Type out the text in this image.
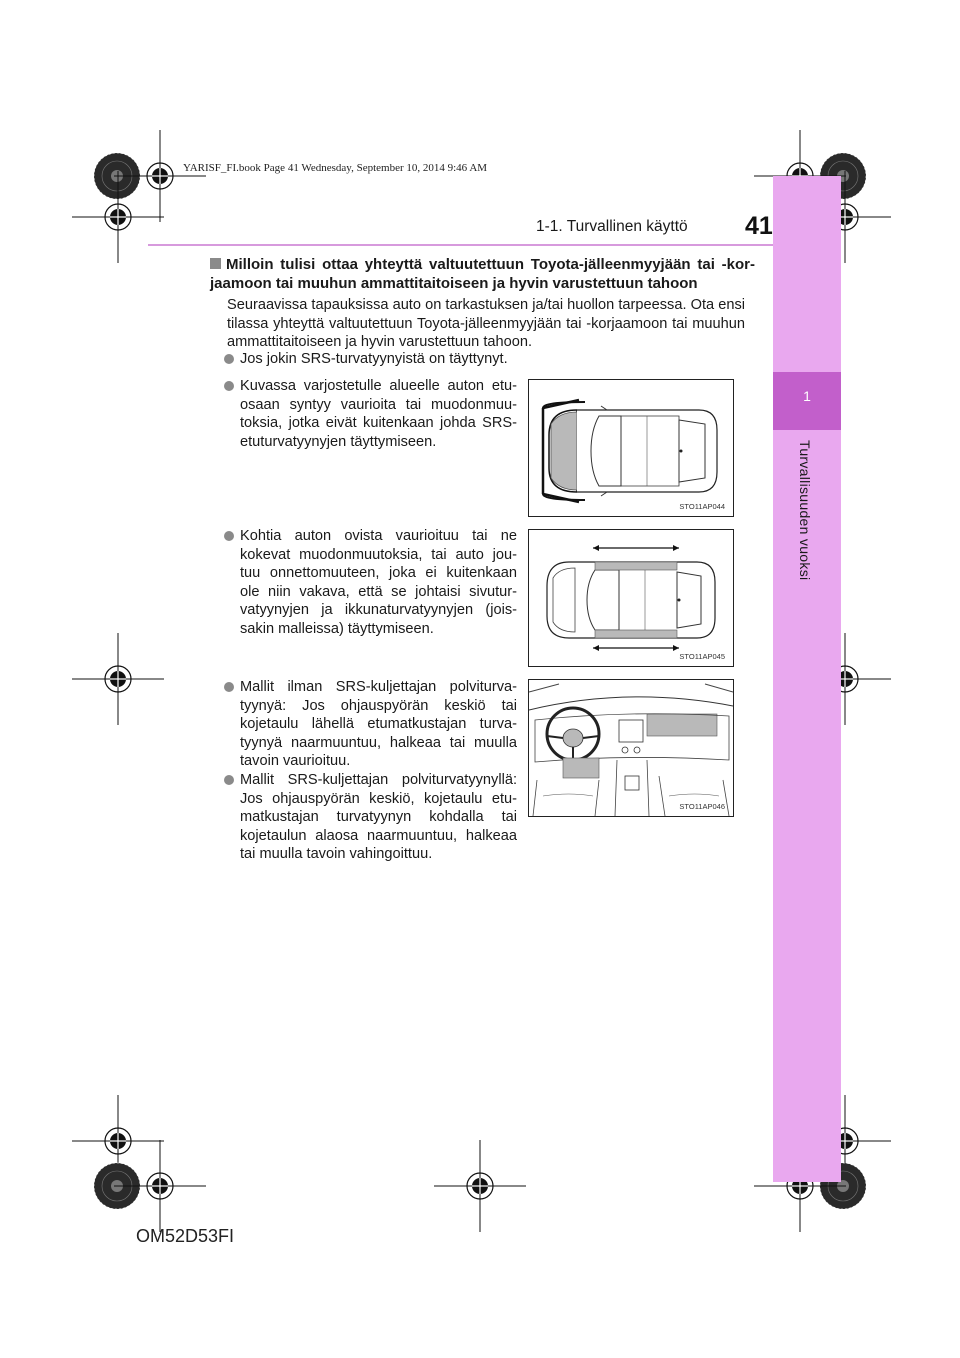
1
Turvallisuuden vuoksi
YARISF_FI.book Page 41 Wednesday, September 10, 2014 9:46 AM
1-1. Turvallinen käyttö 41
Milloin tulisi ottaa yhteyttä valtuutettuun Toyota-jälleenmyyjään tai -kor-jaamoon tai muuhun ammattitaitoiseen ja hyvin varustettuun tahoon
Seuraavissa tapauksissa auto on tarkastuksen ja/tai huollon tarpeessa. Ota ensi tilassa yhteyttä valtuutettuun Toyota-jälleenmyyjään tai -korjaamoon tai muuhun ammattitaitoiseen ja hyvin varustettuun tahoon.
Jos jokin SRS-turvatyynyistä on täyttynyt.
Kuvassa varjostetulle alueelle auton etu-osaan syntyy vaurioita tai muodonmuu-toksia, jotka eivät kuitenkaan johda SRS-etuturvatyynyjen täyttymiseen.
Kohtia auton ovista vaurioituu tai ne kokevat muodonmuutoksia, tai auto jou-tuu onnettomuuteen, joka ei kuitenkaan ole niin vakava, että se johtaisi sivutur-vatyynyjen ja ikkunaturvatyynyjen (jois-sakin malleissa) täyttymiseen.
Mallit ilman SRS-kuljettajan polviturva-tyynyä: Jos ohjauspyörän keskiö tai kojetaulu lähellä etumatkustajan turva-tyynyä naarmuuntuu, halkeaa tai muulla tavoin vaurioituu.
Mallit SRS-kuljettajan polviturvatyynyllä: Jos ohjauspyörän keskiö, kojetaulu etu-matkustajan turvatyynyn kohdalla tai kojetaulun alaosa naarmuuntuu, halkeaa tai muulla tavoin vahingoittuu.
STO11AP044
STO11AP045
STO11AP046
OM52D53FI
